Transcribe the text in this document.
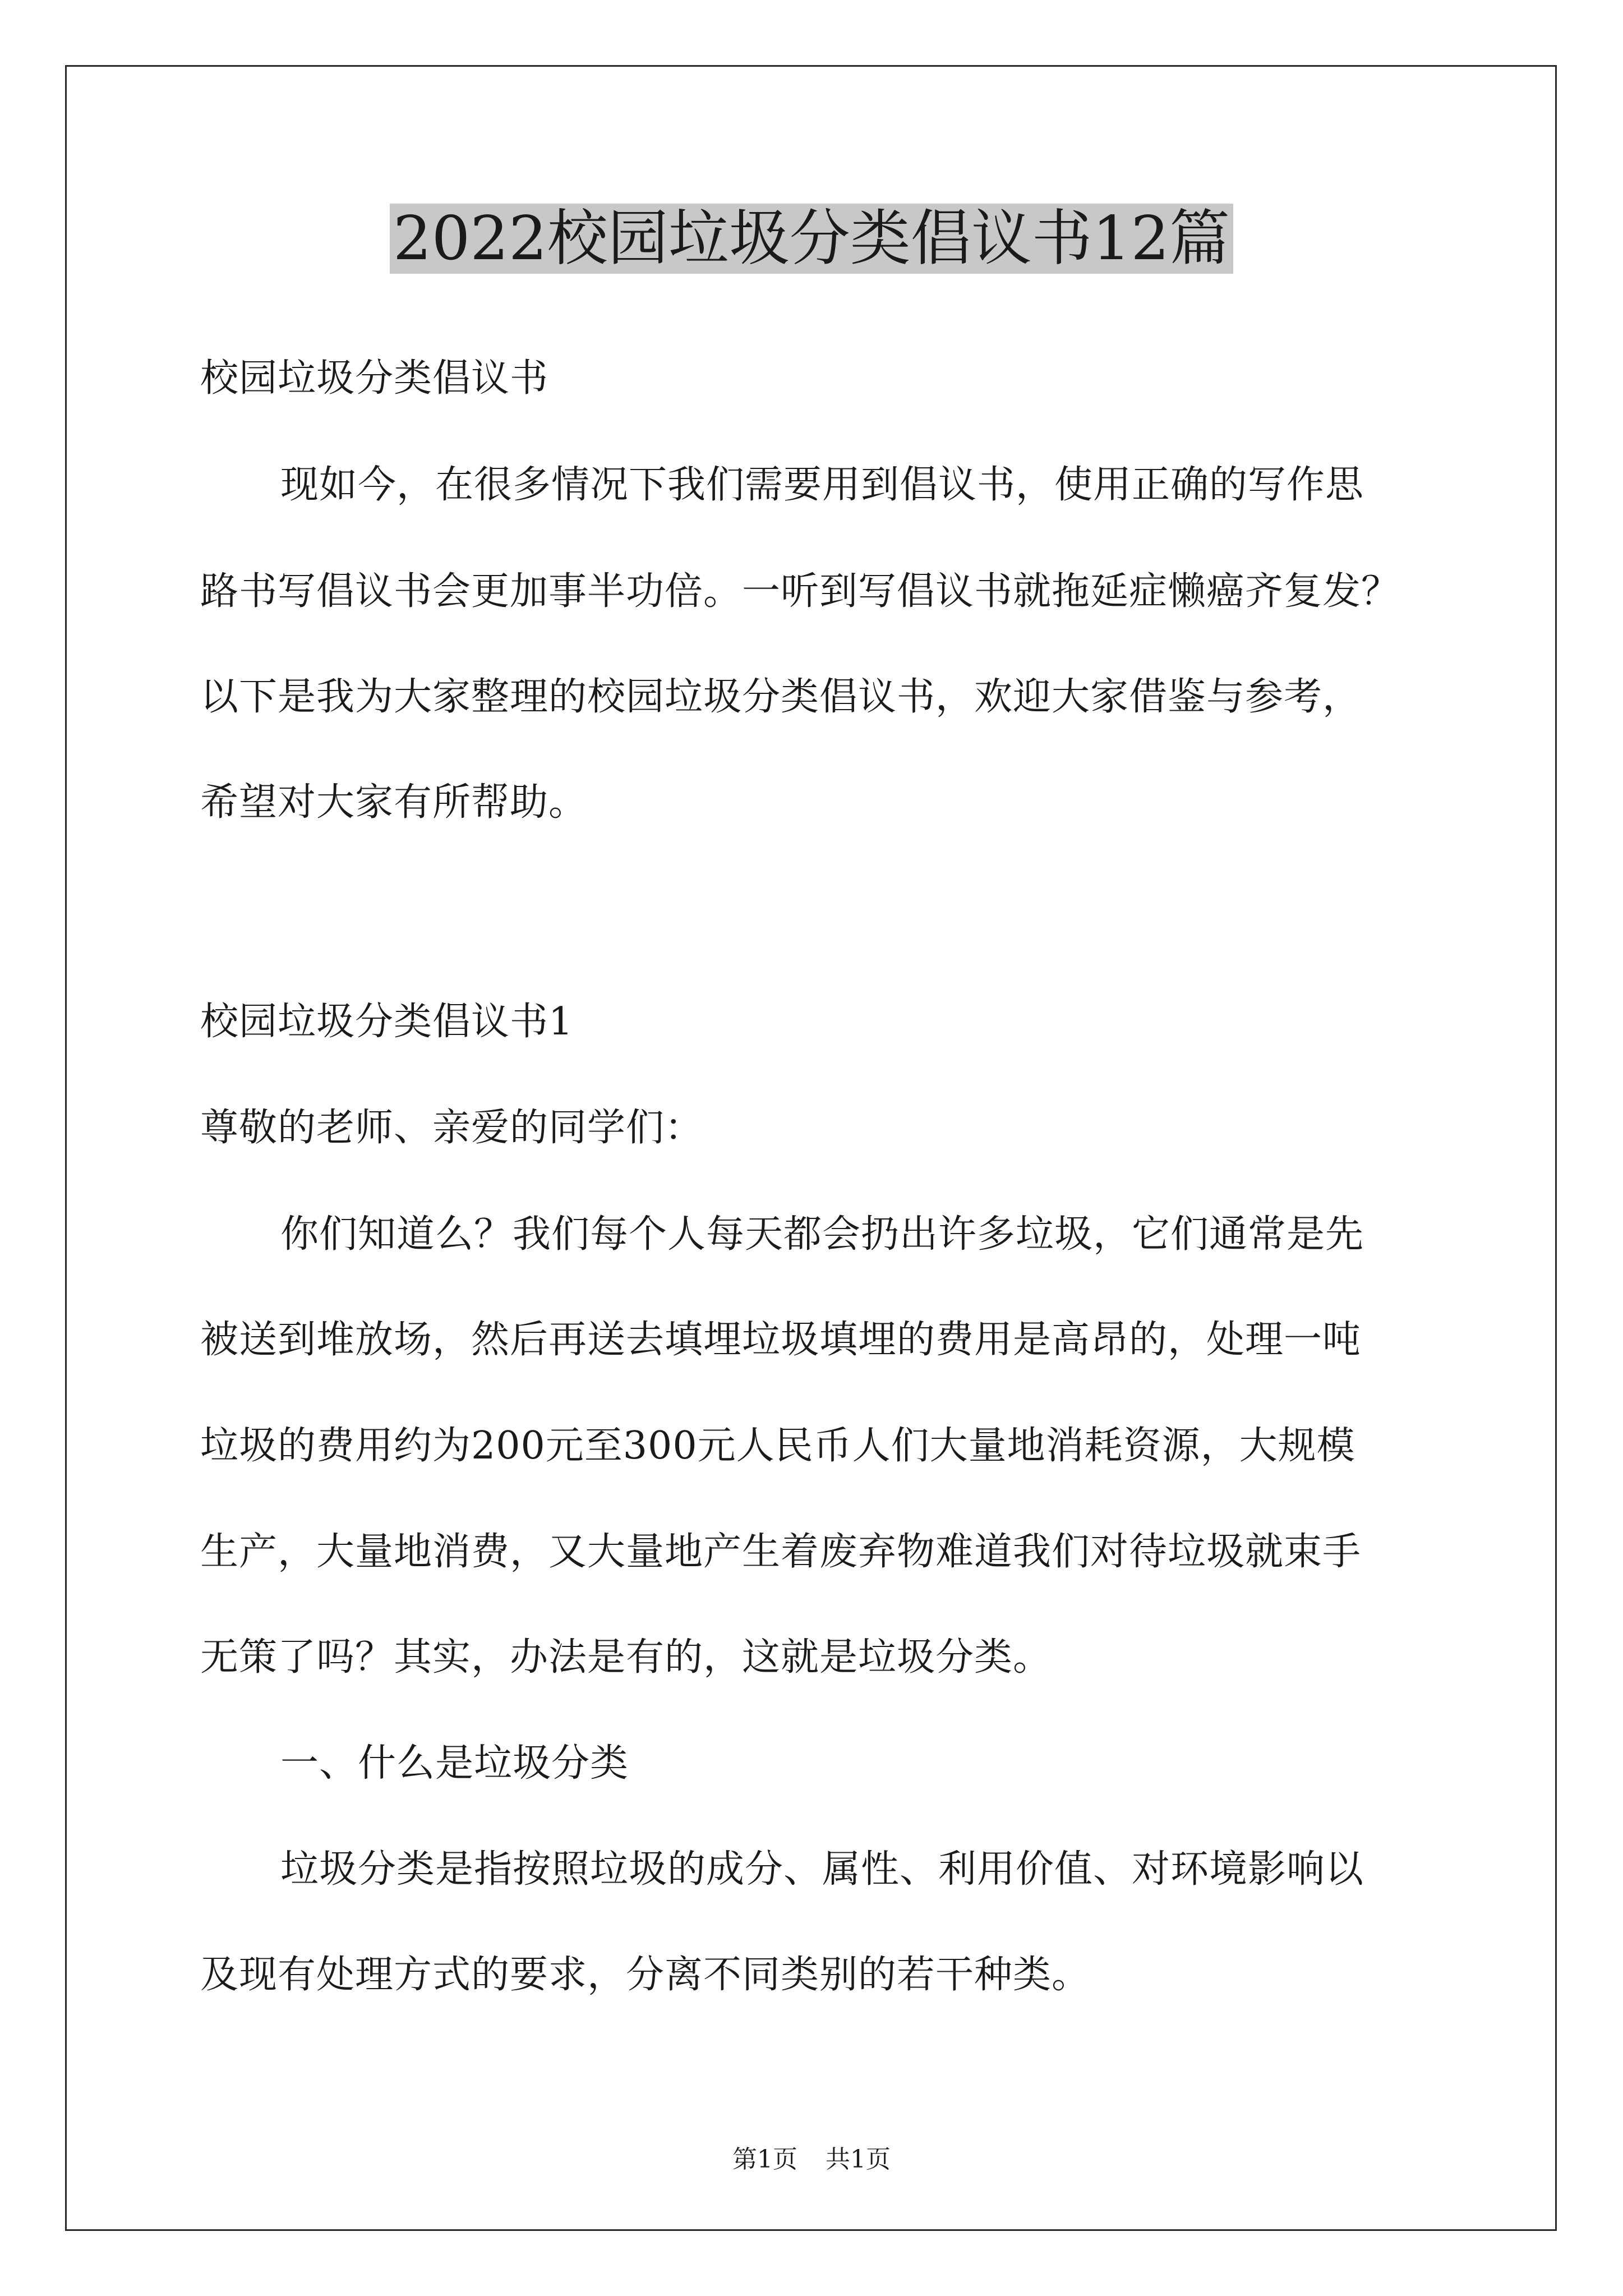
2022校园垃圾分类倡议书12篇
校园垃圾分类倡议书
现如今，在很多情况下我们需要用到倡议书，使用正确的写作思
路书写倡议书会更加事半功倍。一听到写倡议书就拖延症懒癌齐复发？
以下是我为大家整理的校园垃圾分类倡议书，欢迎大家借鉴与参考，
希望对大家有所帮助。
校园垃圾分类倡议书1
尊敬的老师、亲爱的同学们：
你们知道么？我们每个人每天都会扔出许多垃圾，它们通常是先
被送到堆放场，然后再送去填埋垃圾填埋的费用是高昂的，处理一吨
垃圾的费用约为200元至300元人民币人们大量地消耗资源，大规模
生产，大量地消费，又大量地产生着废弃物难道我们对待垃圾就束手
无策了吗？其实，办法是有的，这就是垃圾分类。
一、什么是垃圾分类
垃圾分类是指按照垃圾的成分、属性、利用价值、对环境影响以
及现有处理方式的要求，分离不同类别的若干种类。
第1页 共1页
